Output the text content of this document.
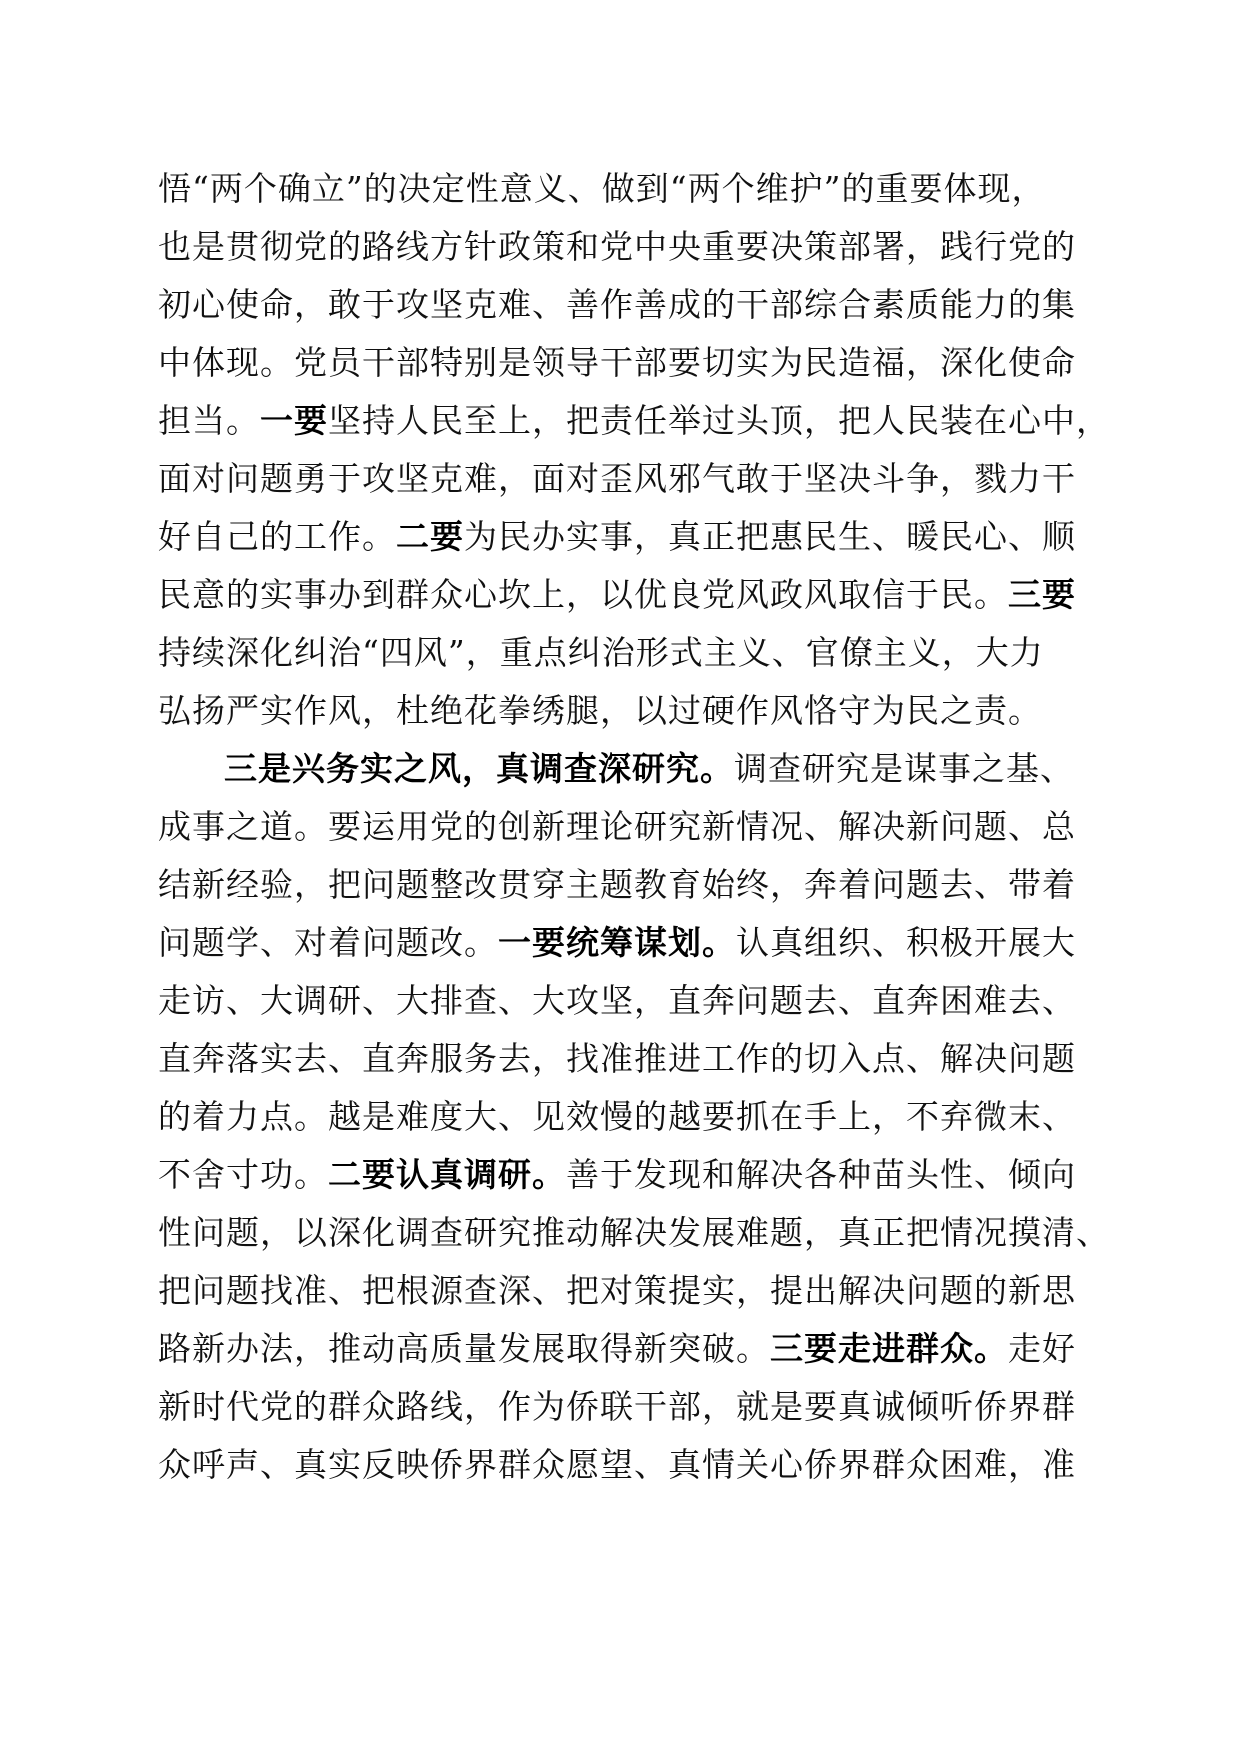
悟“两个确立”的决定性意义、做到“两个维护”的重要体现，
也是贯彻党的路线方针政策和党中央重要决策部署，践行党的
初心使命，敢于攻坚克难、善作善成的干部综合素质能力的集
中体现。党员干部特别是领导干部要切实为民造福，深化使命
担当。一要坚持人民至上，把责任举过头顶，把人民装在心中，
面对问题勇于攻坚克难，面对歪风邪气敢于坚决斗争，戮力干
好自己的工作。二要为民办实事，真正把惠民生、暖民心、顺
民意的实事办到群众心坎上，以优良党风政风取信于民。三要
持续深化纠治“四风”，重点纠治形式主义、官僚主义，大力
弘扬严实作风，杜绝花拳绣腿，以过硬作风恪守为民之责。
三是兴务实之风，真调查深研究。调查研究是谋事之基、
成事之道。要运用党的创新理论研究新情况、解决新问题、总
结新经验，把问题整改贯穿主题教育始终，奔着问题去、带着
问题学、对着问题改。一要统筹谋划。认真组织、积极开展大
走访、大调研、大排查、大攻坚，直奔问题去、直奔困难去、
直奔落实去、直奔服务去，找准推进工作的切入点、解决问题
的着力点。越是难度大、见效慢的越要抓在手上，不弃微末、
不舍寸功。二要认真调研。善于发现和解决各种苗头性、倾向
性问题，以深化调查研究推动解决发展难题，真正把情况摸清、
把问题找准、把根源查深、把对策提实，提出解决问题的新思
路新办法，推动高质量发展取得新突破。三要走进群众。走好
新时代党的群众路线，作为侨联干部，就是要真诚倾听侨界群
众呼声、真实反映侨界群众愿望、真情关心侨界群众困难，准
